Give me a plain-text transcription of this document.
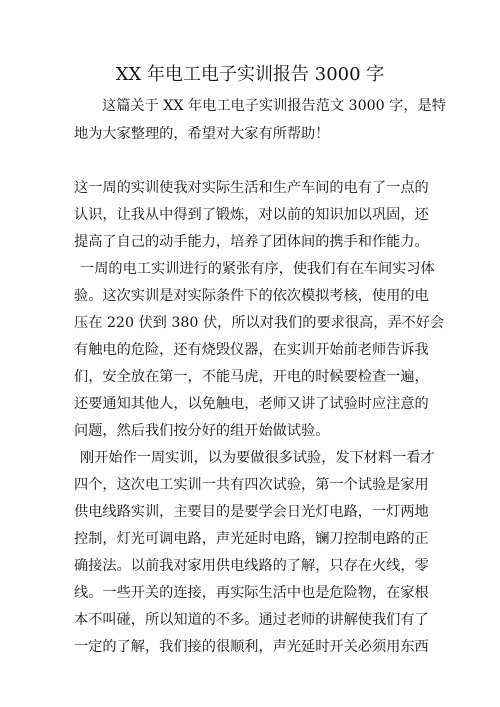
XX 年电工电子实训报告 3000 字

这篇关于 XX 年电工电子实训报告范文 3000 字，是特

地为大家整理的，希望对大家有所帮助！

这一周的实训使我对实际生活和生产车间的电有了一点的

认识，让我从中得到了锻炼，对以前的知识加以巩固，还

提高了自己的动手能力，培养了团体间的携手和作能力。

一周的电工实训进行的紧张有序，使我们有在车间实习体

验。这次实训是对实际条件下的依次模拟考核，使用的电

压在 220 伏到 380 伏，所以对我们的要求很高，弄不好会

有触电的危险，还有烧毁仪器，在实训开始前老师告诉我

们，安全放在第一，不能马虎，开电的时候要检查一遍，

还要通知其他人，以免触电，老师又讲了试验时应注意的

问题，然后我们按分好的组开始做试验。

刚开始作一周实训，以为要做很多试验，发下材料一看才

四个，这次电工实训一共有四次试验，第一个试验是家用

供电线路实训，主要目的是要学会日光灯电路，一灯两地

控制，灯光可调电路，声光延时电路，镧刀控制电路的正

确接法。以前我对家用供电线路的了解，只存在火线，零

线。一些开关的连接，再实际生活中也是危险物，在家根

本不叫碰，所以知道的不多。通过老师的讲解使我们有了

一定的了解，我们接的很顺利，声光延时开关必须用东西
